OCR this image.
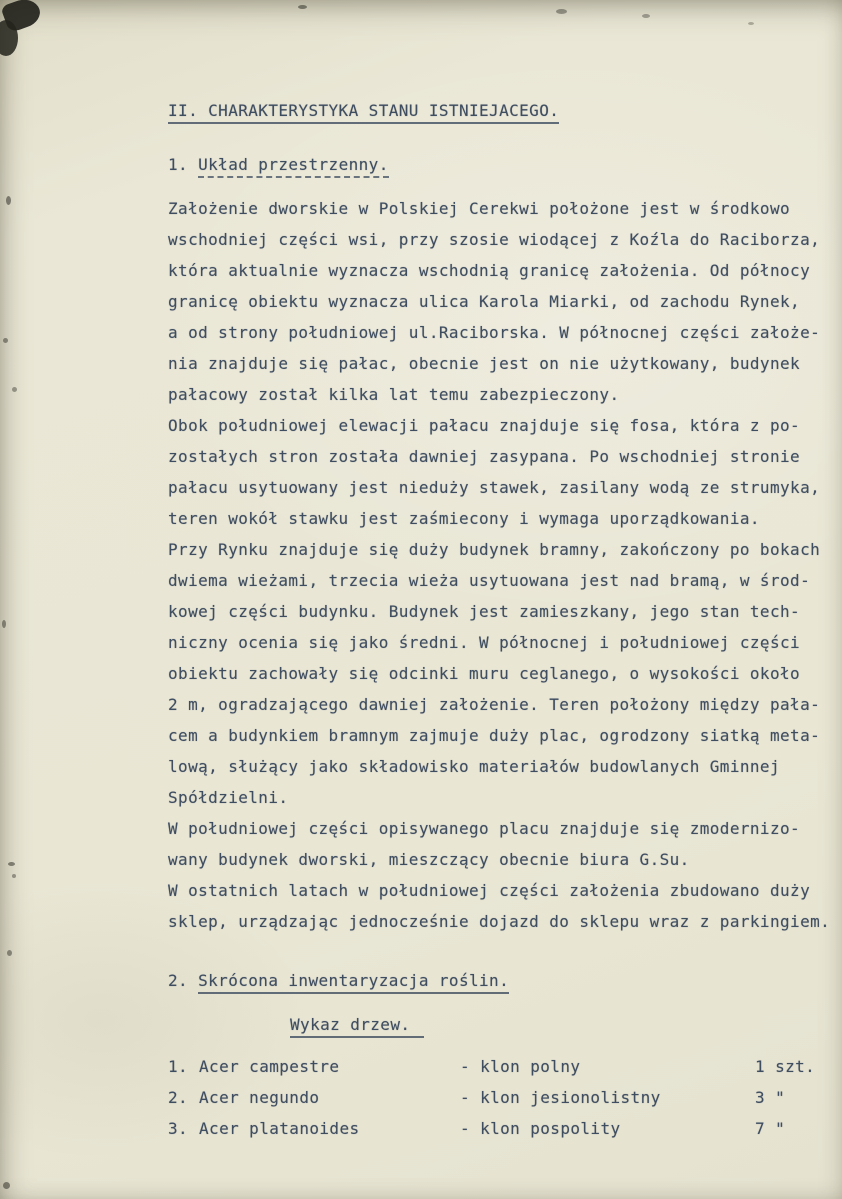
II. CHARAKTERYSTYKA STANU ISTNIEJACEGO.
1. Układ przestrzenny.
Założenie dworskie w Polskiej Cerekwi położone jest w środkowo
wschodniej części wsi, przy szosie wiodącej z Koźla do Raciborza,
która aktualnie wyznacza wschodnią granicę założenia. Od północy
granicę obiektu wyznacza ulica Karola Miarki, od zachodu Rynek,
a od strony południowej ul.Raciborska. W północnej części założe-
nia znajduje się pałac, obecnie jest on nie użytkowany, budynek
pałacowy został kilka lat temu zabezpieczony.
Obok południowej elewacji pałacu znajduje się fosa, która z po-
zostałych stron została dawniej zasypana. Po wschodniej stronie
pałacu usytuowany jest nieduży stawek, zasilany wodą ze strumyka,
teren wokół stawku jest zaśmiecony i wymaga uporządkowania.
Przy Rynku znajduje się duży budynek bramny, zakończony po bokach
dwiema wieżami, trzecia wieża usytuowana jest nad bramą, w środ-
kowej części budynku. Budynek jest zamieszkany, jego stan tech-
niczny ocenia się jako średni. W północnej i południowej części
obiektu zachowały się odcinki muru ceglanego, o wysokości około
2 m, ogradzającego dawniej założenie. Teren położony między pała-
cem a budynkiem bramnym zajmuje duży plac, ogrodzony siatką meta-
lową, służący jako składowisko materiałów budowlanych Gminnej
Spółdzielni.
W południowej części opisywanego placu znajduje się zmodernizo-
wany budynek dworski, mieszczący obecnie biura G.Su.
W ostatnich latach w południowej części założenia zbudowano duży
sklep, urządzając jednocześnie dojazd do sklepu wraz z parkingiem.
2. Skrócona inwentaryzacja roślin.
Wykaz drzew.
1. Acer campestre	- klon polny	1 szt.
2. Acer negundo	- klon jesionolistny	3 "
3. Acer platanoides	- klon pospolity	7 "
